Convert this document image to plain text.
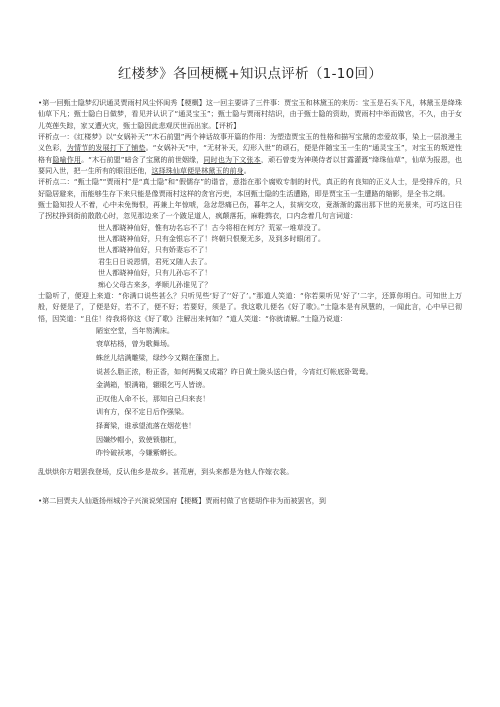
红楼梦》各回梗概+知识点评析（1-10回）

•第一回甄士隐梦幻识通灵贾雨村风尘怀闺秀【梗概】这一回主要讲了三件事：贾宝玉和林黛玉的来历：宝玉是石头下凡，林黛玉是绛珠仙草下凡；甄士隐白日做梦，看见并认识了“通灵宝玉”；甄士隐与贾雨村结识，由于甄士隐的资助，贾雨村中举而做官，不久，由于女儿英莲失踪，家又遭火灾，甄士隐因此悲观厌世而出家。【评析】

评析点一：《红楼梦》以“女娲补天”“木石前盟”两个神话故事开篇的作用：为塑造贾宝玉的性格和描写宝黛的恋爱故事，染上一层浪漫主义色彩，为情节的发展打下了铺垫。“女娲补天”中，“无材补天，幻形入世”的顽石，便是伴随宝玉一生的“通灵宝玉”，对宝玉的叛逆性格有隐喻作用。“木石前盟”暗含了宝黛的前世姻缘，同时也为下文张本，顽石曾变为神瑛侍者以甘露灌溉“绛珠仙草”，仙草为报恩，也要同入世，把一生所有的眼泪还他，这择珠仙草便是林黛玉的前身。

评析点二：“甄士隐”“贾雨村”是“真士隐”和“假儒存”的谐音，意指在那个腐败专制的时代，真正的有良知的正义人士，是受排斥的，只好隐居避来，而能够生存下来只能是像贾雨村这样的贪官污吏，本回甄士隐的生活遭路，即是贾宝玉一生遭路的缩影，是全书之纲。

甄士隐知投人不着，心中未免悔恨，再兼上年惊唬，急忿怨痛已伤，暮年之人，贫病交攻，竟渐渐的露出那下世的光景来，可巧这日往了拐杖挣到街前散散心时，忽见那边来了一个跛足道人，疯颠落拓，麻鞋鹑衣，口内念着几句言词道：

世人都晓神仙好，惟有功名忘不了！古今将相在何方？荒冢一堆草没了。
世人都晓神仙好，只有金银忘不了！终朝只恨聚无多，及到多时眼闭了。
世人都晓神仙好，只有娇妻忘不了！
君生日日说恩情，君死又随人去了。
世人都晓神仙好，只有儿孙忘不了！
痴心父母古来多，孝顺儿孙谁见了？

士隐听了，便迎上来道：“你满口说些甚么？只听见些‘好了’‘好了’。”那道人笑道：“你若果听见‘好了’二字，还算你明白。可知世上万般，好便是了，了便是好，若不了，便不好；若要好，须是了。我这歌儿便名《好了歌》。”士隐本是有夙慧的，一闻此言，心中早已彻悟，因笑道：“且住！待我将你这《好了歌》注解出来何如？”道人笑道：“你就请解。”士隐乃说道：

陋室空堂，当年笏满床。
衰草枯杨，曾为歌舞场。
蛛丝儿结满雕梁，绿纱今又糊在蓬窗上。
说甚么脂正浓，粉正香，如何两鬓又成霜？昨日黄土陇头送白骨，今宵红灯帐底卧鸳鸯。
金满箱，银满箱，辗眼乞丐人皆谤。
正叹他人命不长，那知自己归来丧！
训有方，保不定日后作强梁。
择膏梁，谁承望流落在烟花巷！
因嫌纱帽小，致使锁枷杠，
昨怜破袄寒，今嫌紫蟒长。

乱烘烘你方唱罢我登场，反认他乡是故乡。甚荒唐，到头来都是为他人作嫁衣裳。

•第二回贾夫人仙逝扬州城冷子兴演说荣国府【梗概】贾雨村做了官便胡作非为而被罢官，到
